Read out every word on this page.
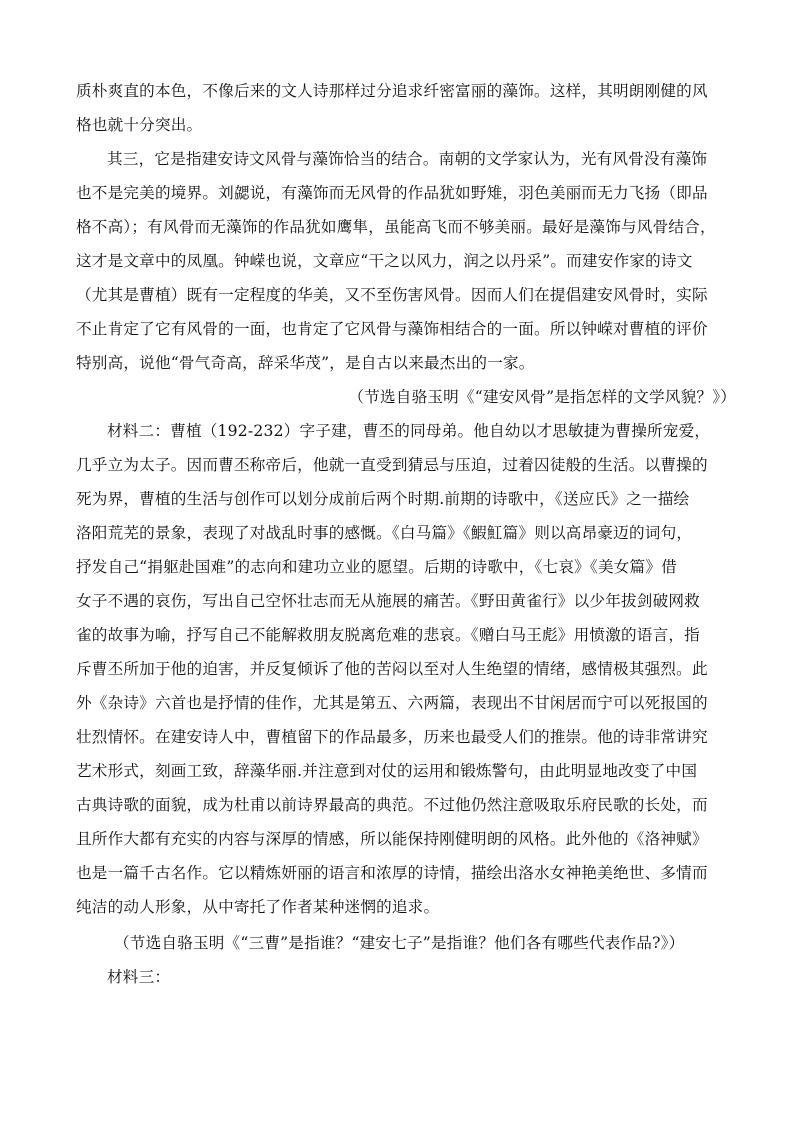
质朴爽直的本色，不像后来的文人诗那样过分追求纤密富丽的藻饰。这样，其明朗刚健的风
格也就十分突出。
其三，它是指建安诗文风骨与藻饰恰当的结合。南朝的文学家认为，光有风骨没有藻饰
也不是完美的境界。刘勰说，有藻饰而无风骨的作品犹如野雉，羽色美丽而无力飞扬（即品
格不高）；有风骨而无藻饰的作品犹如鹰隼，虽能高飞而不够美丽。最好是藻饰与风骨结合，
这才是文章中的凤凰。钟嵘也说，文章应“干之以风力，润之以丹采”。而建安作家的诗文
（尤其是曹植）既有一定程度的华美，又不至伤害风骨。因而人们在提倡建安风骨时，实际
不止肯定了它有风骨的一面，也肯定了它风骨与藻饰相结合的一面。所以钟嵘对曹植的评价
特别高，说他“骨气奇高，辞采华茂”，是自古以来最杰出的一家。
（节选自骆玉明《“建安风骨”是指怎样的文学风貌？》）
材料二：曹植（192-232）字子建，曹丕的同母弟。他自幼以才思敏捷为曹操所宠爱，
几乎立为太子。因而曹丕称帝后，他就一直受到猜忌与压迫，过着囚徒般的生活。以曹操的
死为界，曹植的生活与创作可以划分成前后两个时期.前期的诗歌中，《送应氏》之一描绘
洛阳荒芜的景象，表现了对战乱时事的感慨。《白马篇》《鰕魟篇》则以高昂豪迈的词句，
抒发自己“捐躯赴国难”的志向和建功立业的愿望。后期的诗歌中，《七哀》《美女篇》借
女子不遇的哀伤，写出自己空怀壮志而无从施展的痛苦。《野田黄雀行》以少年拔剑破网救
雀的故事为喻，抒写自己不能解救朋友脱离危难的悲哀。《赠白马王彪》用愤激的语言，指
斥曹丕所加于他的迫害，并反复倾诉了他的苦闷以至对人生绝望的情绪，感情极其强烈。此
外《杂诗》六首也是抒情的佳作，尤其是第五、六两篇，表现出不甘闲居而宁可以死报国的
壮烈情怀。在建安诗人中，曹植留下的作品最多，历来也最受人们的推崇。他的诗非常讲究
艺术形式，刻画工致，辞藻华丽.并注意到对仗的运用和锻炼警句，由此明显地改变了中国
古典诗歌的面貌，成为杜甫以前诗界最高的典范。不过他仍然注意吸取乐府民歌的长处，而
且所作大都有充实的内容与深厚的情感，所以能保持刚健明朗的风格。此外他的《洛神赋》
也是一篇千古名作。它以精炼妍丽的语言和浓厚的诗情，描绘出洛水女神艳美绝世、多情而
纯洁的动人形象，从中寄托了作者某种迷惘的追求。
（节选自骆玉明《“三曹”是指谁？“建安七子”是指谁？他们各有哪些代表作品?》）
材料三：
